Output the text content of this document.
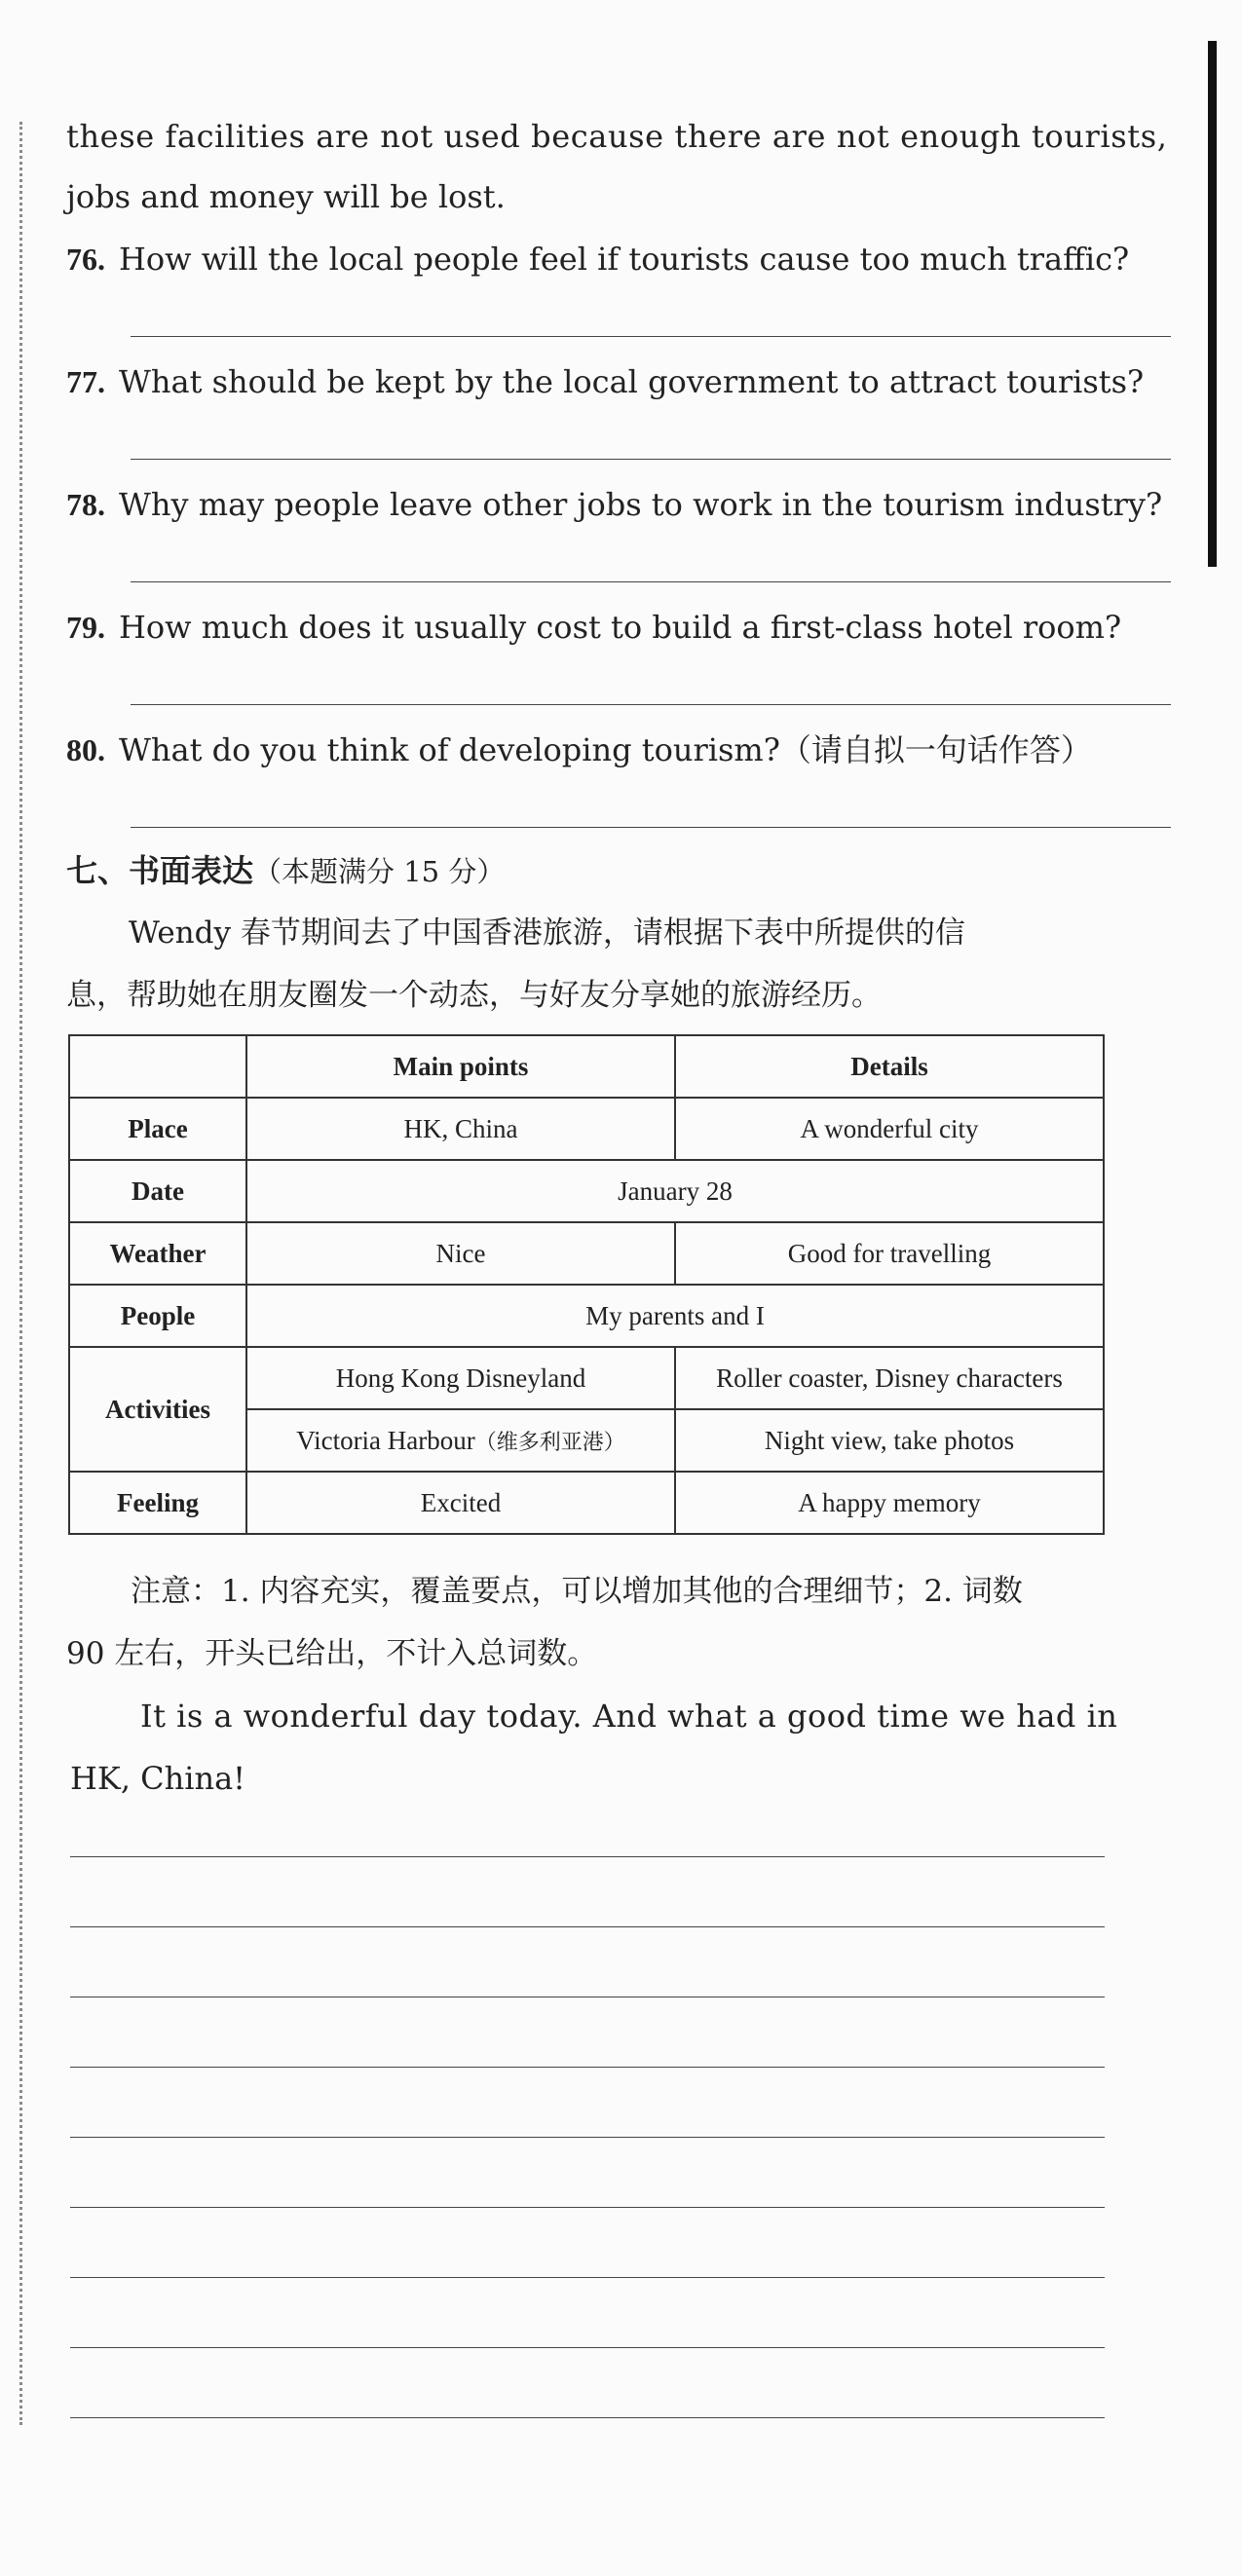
these facilities are not used because there are not enough tourists,
jobs and money will be lost.
76. How will the local people feel if tourists cause too much traffic?
77. What should be kept by the local government to attract tourists?
78. Why may people leave other jobs to work in the tourism industry?
79. How much does it usually cost to build a first-class hotel room?
80. What do you think of developing tourism?（请自拟一句话作答）
七、书面表达（本题满分 15 分）
Wendy 春节期间去了中国香港旅游，请根据下表中所提供的信
息，帮助她在朋友圈发一个动态，与好友分享她的旅游经历。
	Main points	Details
Place	HK, China	A wonderful city
Date	January 28	
Weather	Nice	Good for travelling
People	My parents and I	
Activities	Hong Kong Disneyland	Roller coaster, Disney characters
	Victoria Harbour（维多利亚港）	Night view, take photos
Feeling	Excited	A happy memory
注意：1. 内容充实，覆盖要点，可以增加其他的合理细节；2. 词数
90 左右，开头已给出，不计入总词数。
It is a wonderful day today. And what a good time we had in
HK, China!
